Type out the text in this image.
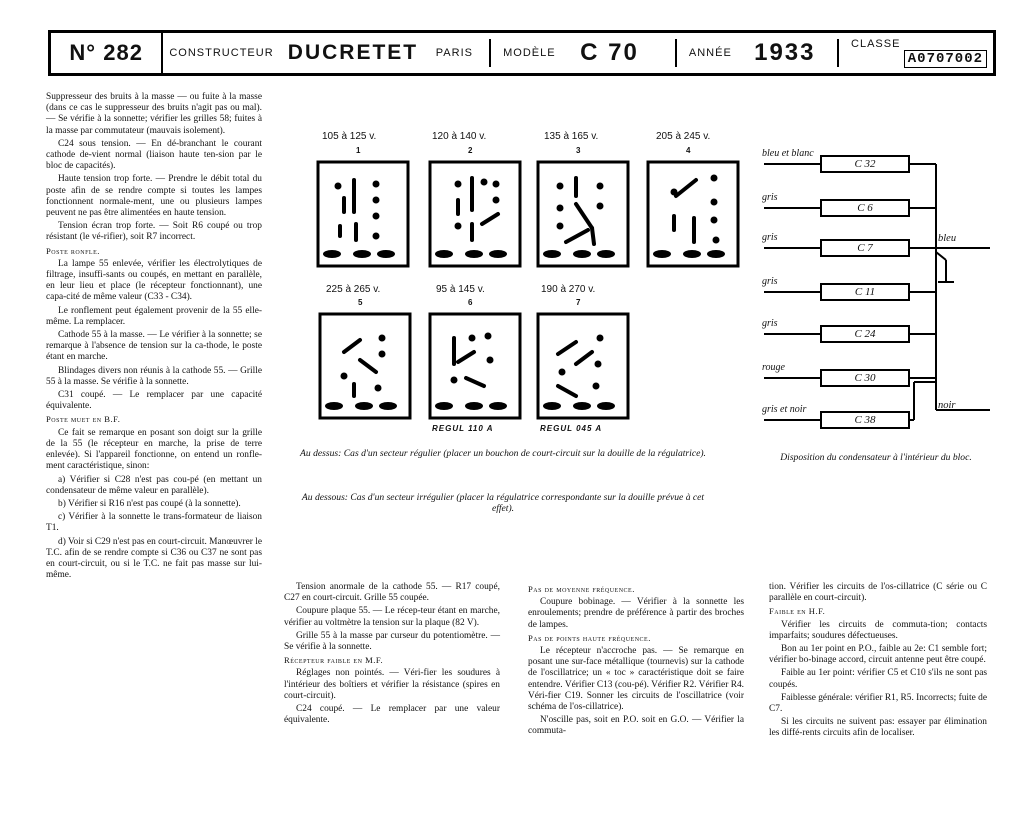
N° 282	CONSTRUCTEUR DUCRETET PARIS	MODÈLE C 70	ANNÉE 1933	CLASSE
A0707002

Suppresseur des bruits à la masse — ou fuite à la masse (dans ce cas le suppresseur des bruits n'agit pas ou mal). — Se vérifie à la sonnette; vérifier les grilles 58; fuites à la masse par commutateur (mauvais isolement).

C24 sous tension. — En dé-branchant le courant cathode de-vient normal (liaison haute ten-sion par le bloc de capacités).

Haute tension trop forte. — Prendre le débit total du poste afin de se rendre compte si toutes les lampes fonctionnent normale-ment, une ou plusieurs lampes peuvent ne pas être alimentées en haute tension.

Tension écran trop forte. — Soit R6 coupé ou trop résistant (le vé-rifier), soit R7 incorrect.

Poste ronfle.

La lampe 55 enlevée, vérifier les électrolytiques de filtrage, insuffi-sants ou coupés, en mettant en parallèle, en leur lieu et place (le récepteur fonctionnant), une capa-cité de même valeur (C33 - C34).

Le ronflement peut également provenir de la 55 elle-même. La remplacer.

Cathode 55 à la masse. — Le vérifier à la sonnette; se remarque à l'absence de tension sur la ca-thode, le poste étant en marche.

Blindages divers non réunis à la cathode 55. — Grille 55 à la masse. Se vérifie à la sonnette.

C31 coupé. — Le remplacer par une capacité équivalente.

Poste muet en B.F.

Ce fait se remarque en posant son doigt sur la grille de la 55 (le récepteur en marche, la prise de terre enlevée). Si l'appareil fonctionne, on entend un ronfle-ment caractéristique, sinon:

a) Vérifier si C28 n'est pas cou-pé (en mettant un condensateur de même valeur en parallèle).

b) Vérifier si R16 n'est pas coupé (à la sonnette).

c) Vérifier à la sonnette le trans-formateur de liaison T1.

d) Voir si C29 n'est pas en court-circuit. Manœuvrer le T.C. afin de se rendre compte si C36 ou C37 ne sont pas en court-circuit, ou si le T.C. ne fait pas masse sur lui-même.

Tension anormale de la cathode 55. — R17 coupé, C27 en court-circuit. Grille 55 coupée.

Coupure plaque 55. — Le récep-teur étant en marche, vérifier au voltmètre la tension sur la plaque (82 V).

Grille 55 à la masse par curseur du potentiomètre. — Se vérifie à la sonnette.

Récepteur faible en M.F.

Réglages non pointés. — Véri-fier les soudures à l'intérieur des boîtiers et vérifier la résistance (spires en court-circuit).

C24 coupé. — Le remplacer par une valeur équivalente.

Pas de moyenne fréquence.

Coupure bobinage. — Vérifier à la sonnette les enroulements; prendre de préférence à partir des broches de lampes.

Pas de points haute fréquence.

Le récepteur n'accroche pas. — Se remarque en posant une sur-face métallique (tournevis) sur la cathode de l'oscillatrice; un « toc » caractéristique doit se faire entendre. Vérifier C13 (cou-pé). Vérifier R2. Vérifier R4. Véri-fier C19. Sonner les circuits de l'oscillatrice (voir schéma de l'os-cillatrice).

N'oscille pas, soit en P.O. soit en G.O. — Vérifier la commuta-

tion. Vérifier les circuits de l'os-cillatrice (C série ou C parallèle en court-circuit).

Faible en H.F.

Vérifier les circuits de commuta-tion; contacts imparfaits; soudures défectueuses.

Bon au 1er point en P.O., faible au 2e: C1 semble fort; vérifier bo-binage accord, circuit antenne peut être coupé.

Faible au 1er point: vérifier C5 et C10 s'ils ne sont pas coupés.

Faiblesse générale: vérifier R1, R5. Incorrects; fuite de C7.

Si les circuits ne suivent pas: essayer par élimination les diffé-rents circuits afin de localiser.

105 à 125 v.
1
120 à 140 v.
2
135 à 165 v.
3
205 à 245 v.
4
225 à 265 v.
5
95 à 145 v.
6
REGUL 110 A
190 à 270 v.
7
REGUL 045 A
Au dessus: Cas d'un secteur régulier (placer un bouchon de court-circuit sur la douille de la régulatrice).
Au dessous: Cas d'un secteur irrégulier (placer la régulatrice correspondante sur la douille prévue à cet effet).
bleu
noir
C 32
bleu et blanc
C 6
gris
C 7
gris
C 11
gris
C 24
gris
C 30
rouge
C 38
gris et noir
Disposition du condensateur à l'intérieur du bloc.
